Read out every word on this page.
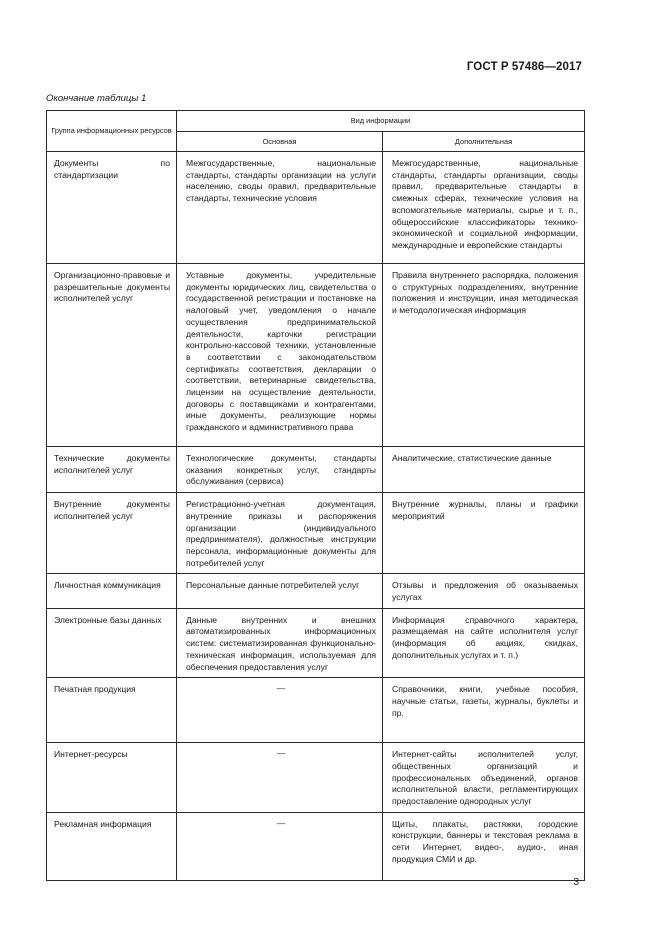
ГОСТ Р 57486—2017
Окончание таблицы 1
Группа информационных ресурсов	Вид информации	
	Основная	Дополнительная
Документы по стандартизации	Межгосударственные, национальные стандарты, стандарты организации на услуги населению, своды правил, предварительные стандарты, технические условия	Межгосударственные, национальные стандарты, стандарты организации, своды правил, предварительные стандарты в смежных сферах, технические условия на вспомогательные материалы, сырье и т. п., общероссийские классификаторы технико-экономической и социальной информации, международные и европейские стандарты
Организационно-правовые и разрешительные документы исполнителей услуг	Уставные документы, учредительные документы юридических лиц, свидетельства о государственной регистрации и постановке на налоговый учет, уведомления о начале осуществления предпринимательской деятельности, карточки регистрации контрольно-кассовой техники, установленные в соответствии с законодательством сертификаты соответствия, декларации о соответствии, ветеринарные свидетельства, лицензии на осуществление деятельности, договоры с поставщиками и контрагентами, иные документы, реализующие нормы гражданского и административного права	Правила внутреннего распорядка, положения о структурных подразделениях, внутренние положения и инструкции, иная методическая и методологическая информация
Технические документы исполнителей услуг	Технологические документы, стандарты оказания конкретных услуг, стандарты обслуживания (сервиса)	Аналитические, статистические данные
Внутренние документы исполнителей услуг	Регистрационно-учетная документация, внутренние приказы и распоряжения организации (индивидуального предпринимателя), должностные инструкции персонала, информационные документы для потребителей услуг	Внутренние журналы, планы и графики мероприятий
Личностная коммуникация	Персональные данные потребителей услуг	Отзывы и предложения об оказываемых услугах
Электронные базы данных	Данные внутренних и внешних автоматизированных информационных систем: систематизированная функционально-техническая информация, используемая для обеспечения предоставления услуг	Информация справочного характера, размещаемая на сайте исполнителя услуг (информация об акциях, скидках, дополнительных услугах и т. п.)
Печатная продукция	—	Справочники, книги, учебные пособия, научные статьи, газеты, журналы, буклеты и пр.
Интернет-ресурсы	—	Интернет-сайты исполнителей услуг, общественных организаций и профессиональных объединений, органов исполнительной власти, регламентирующих предоставление однородных услуг
Рекламная информация	—	Щиты, плакаты, растяжки, городские конструкции, баннеры и текстовая реклама в сети Интернет, видео-, аудио-, иная продукция СМИ и др.
3
